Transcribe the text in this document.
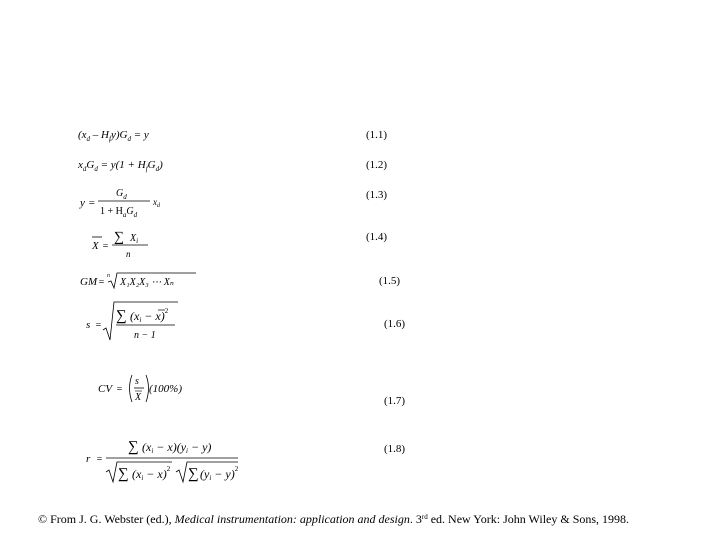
$(x_d - H_fy)G_d = y$	(1.1)
$x_dG_d = y(1 + H_fG_d)$	(1.2)
y =
$G_d$
$1 + H_aG_d$
$x_d$
(1.3)
X =
∑ $X_i$
n
(1.4)
GM =
n
X₁X₂X₃ ⋯ Xₙ	(1.5)
s =
∑ (xi − x)$^2$
n − 1
(1.6)
CV =
s
X
(100%)
(1.7)
r =
∑ (xi − x)(yi − y)
∑ (xi − x)$^2$ ∑ (yi − y)$^2$
(1.8)
© From J. G. Webster (ed.), Medical instrumentation: application and design. 3rd ed. New York: John Wiley & Sons, 1998.
